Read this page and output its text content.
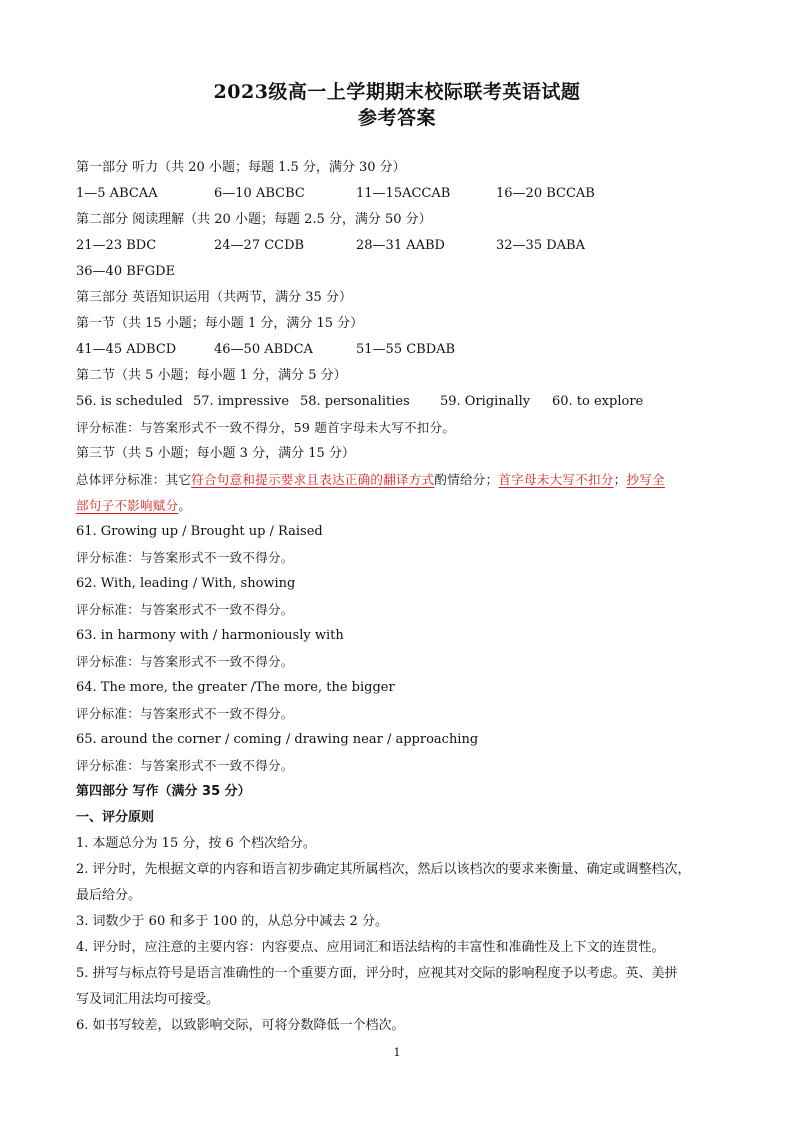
2023级高一上学期期末校际联考英语试题
参考答案
第一部分 听力（共 20 小题；每题 1.5 分，满分 30 分）
1—5 ABCAA	6—10 ABCBC	11—15ACCAB	16—20 BCCAB
第二部分 阅读理解（共 20 小题；每题 2.5 分，满分 50 分）
21—23 BDC	24—27 CCDB	28—31 AABD	32—35 DABA
36—40 BFGDE
第三部分 英语知识运用（共两节，满分 35 分）
第一节（共 15 小题；每小题 1 分，满分 15 分）
41—45 ADBCD	46—50 ABDCA	51—55 CBDAB
第二节（共 5 小题；每小题 1 分，满分 5 分）
56. is scheduled 57. impressive 58. personalities 59. Originally 60. to explore
评分标准：与答案形式不一致不得分，59 题首字母未大写不扣分。
第三节（共 5 小题；每小题 3 分，满分 15 分）
总体评分标准：其它符合句意和提示要求且表达正确的翻译方式酌情给分；首字母未大写不扣分；抄写全
部句子不影响赋分。
61. Growing up / Brought up / Raised
评分标准：与答案形式不一致不得分。
62. With, leading / With, showing
评分标准：与答案形式不一致不得分。
63. in harmony with / harmoniously with
评分标准：与答案形式不一致不得分。
64. The more, the greater /The more, the bigger
评分标准：与答案形式不一致不得分。
65. around the corner / coming / drawing near / approaching
评分标准：与答案形式不一致不得分。
第四部分 写作（满分 35 分）
一、评分原则
1. 本题总分为 15 分，按 6 个档次给分。
2. 评分时，先根据文章的内容和语言初步确定其所属档次，然后以该档次的要求来衡量、确定或调整档次，
最后给分。
3. 词数少于 60 和多于 100 的，从总分中减去 2 分。
4. 评分时，应注意的主要内容：内容要点、应用词汇和语法结构的丰富性和准确性及上下文的连贯性。
5. 拼写与标点符号是语言准确性的一个重要方面，评分时，应视其对交际的影响程度予以考虑。英、美拼
写及词汇用法均可接受。
6. 如书写较差，以致影响交际，可将分数降低一个档次。
1
